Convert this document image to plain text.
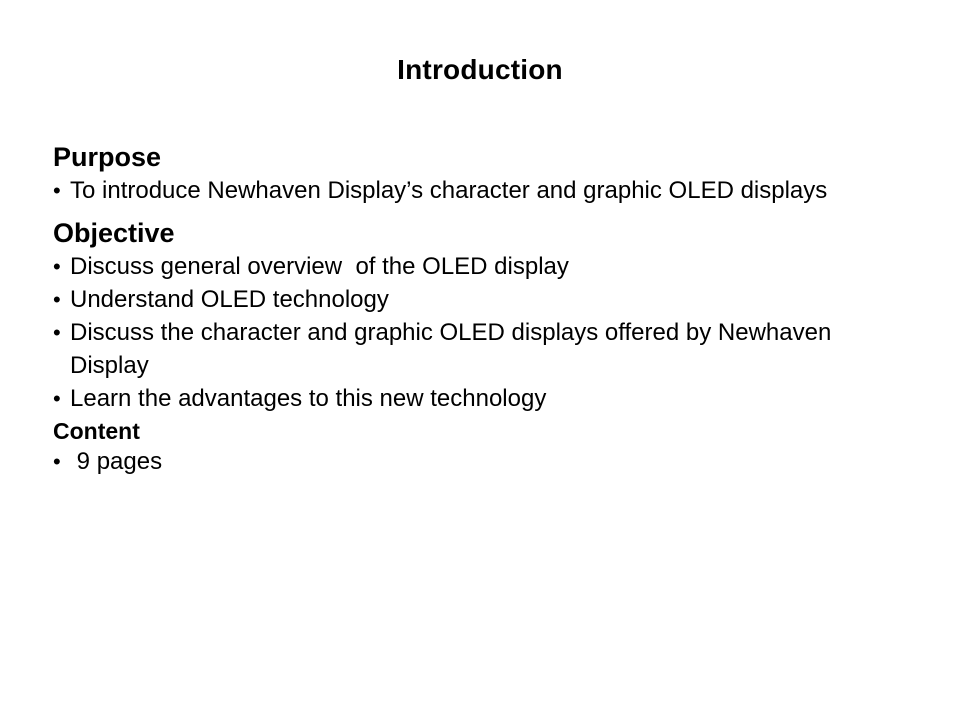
Introduction
Purpose
• To introduce Newhaven Display’s character and graphic OLED displays
Objective
• Discuss general overview  of the OLED display
• Understand OLED technology
• Discuss the character and graphic OLED displays offered by Newhaven Display
• Learn the advantages to this new technology
Content
• 9 pages
